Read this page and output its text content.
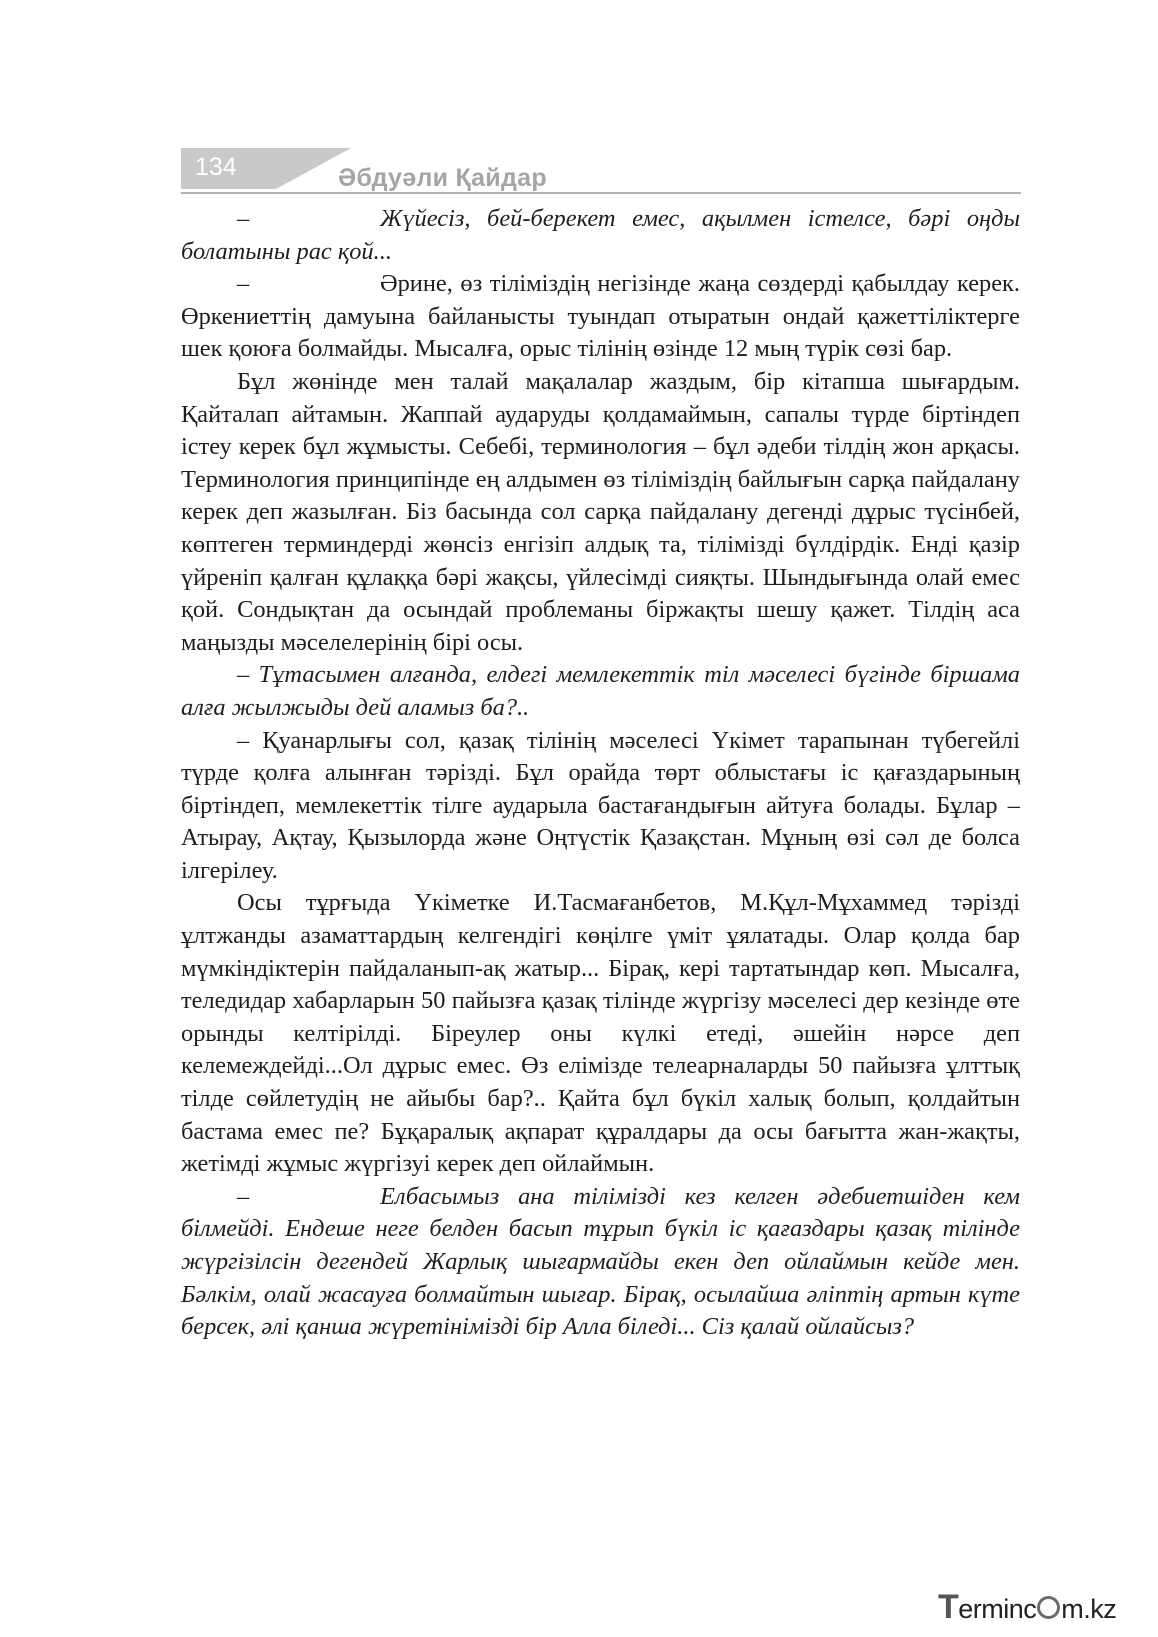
134	Әбдуәли Қайдар

–	Жүйесіз, бей-берекет емес, ақылмен істелсе, бәрі оңды болатыны рас қой...

–	Әрине, өз тіліміздің негізінде жаңа сөздерді қабылдау керек. Өркениеттің дамуына байланысты туындап отыратын ондай қажеттіліктерге шек қоюға болмайды. Мысалға, орыс тілінің өзінде 12 мың түрік сөзі бар.

Бұл жөнінде мен талай мақалалар жаздым, бір кітапша шығардым. Қайталап айтамын. Жаппай аударуды қолдамаймын, сапалы түрде біртіндеп істеу керек бұл жұмысты. Себебі, терминология – бұл әдеби тілдің жон арқасы. Терминология принципінде ең алдымен өз тіліміздің байлығын сарқа пайдалану керек деп жазылған. Біз басында сол сарқа пайдалану дегенді дұрыс түсінбей, көптеген терминдерді жөнсіз енгізіп алдық та, тілімізді бүлдірдік. Енді қазір үйреніп қалған құлаққа бәрі жақсы, үйлесімді сияқты. Шындығында олай емес қой. Сондықтан да осындай проблеманы біржақты шешу қажет. Тілдің аса маңызды мәселелерінің бірі осы.

– Тұтасымен алғанда, елдегі мемлекеттік тіл мәселесі бүгінде біршама алға жылжыды дей аламыз ба?..

– Қуанарлығы сол, қазақ тілінің мәселесі Үкімет тарапынан түбегейлі түрде қолға алынған тәрізді. Бұл орайда төрт облыстағы іс қағаздарының біртіндеп, мемлекеттік тілге аударыла бастағандығын айтуға болады. Бұлар – Атырау, Ақтау, Қызылорда және Оңтүстік Қазақстан. Мұның өзі сәл де болса ілгерілеу.

Осы тұрғыда Үкіметке И.Тасмағанбетов, М.Құл-Мұхаммед тәрізді ұлтжанды азаматтардың келгендігі көңілге үміт ұялатады. Олар қолда бар мүмкіндіктерін пайдаланып-ақ жатыр... Бірақ, кері тартатындар көп. Мысалға, теледидар хабарларын 50 пайызға қазақ тілінде жүргізу мәселесі дер кезінде өте орынды келтірілді. Біреулер оны күлкі етеді, әшейін нәрсе деп келемеждейді...Ол дұрыс емес. Өз елімізде телеарналарды 50 пайызға ұлттық тілде сөйлетудің не айыбы бар?.. Қайта бұл бүкіл халық болып, қолдайтын бастама емес пе? Бұқаралық ақпарат құралдары да осы бағытта жан-жақты, жетімді жұмыс жүргізуі керек деп ойлаймын.

–	Елбасымыз ана тілімізді кез келген әдебиетшіден кем білмейді. Ендеше неге белден басып тұрып бүкіл іс қағаздары қазақ тілінде жүргізілсін дегендей Жарлық шығармайды екен деп ойлаймын кейде мен. Бәлкім, олай жасауға болмайтын шығар. Бірақ, осылайша әліптің артын күте берсек, әлі қанша жүретінімізді бір Алла біледі... Сіз қалай ойлайсыз?

Terminc m.kz
